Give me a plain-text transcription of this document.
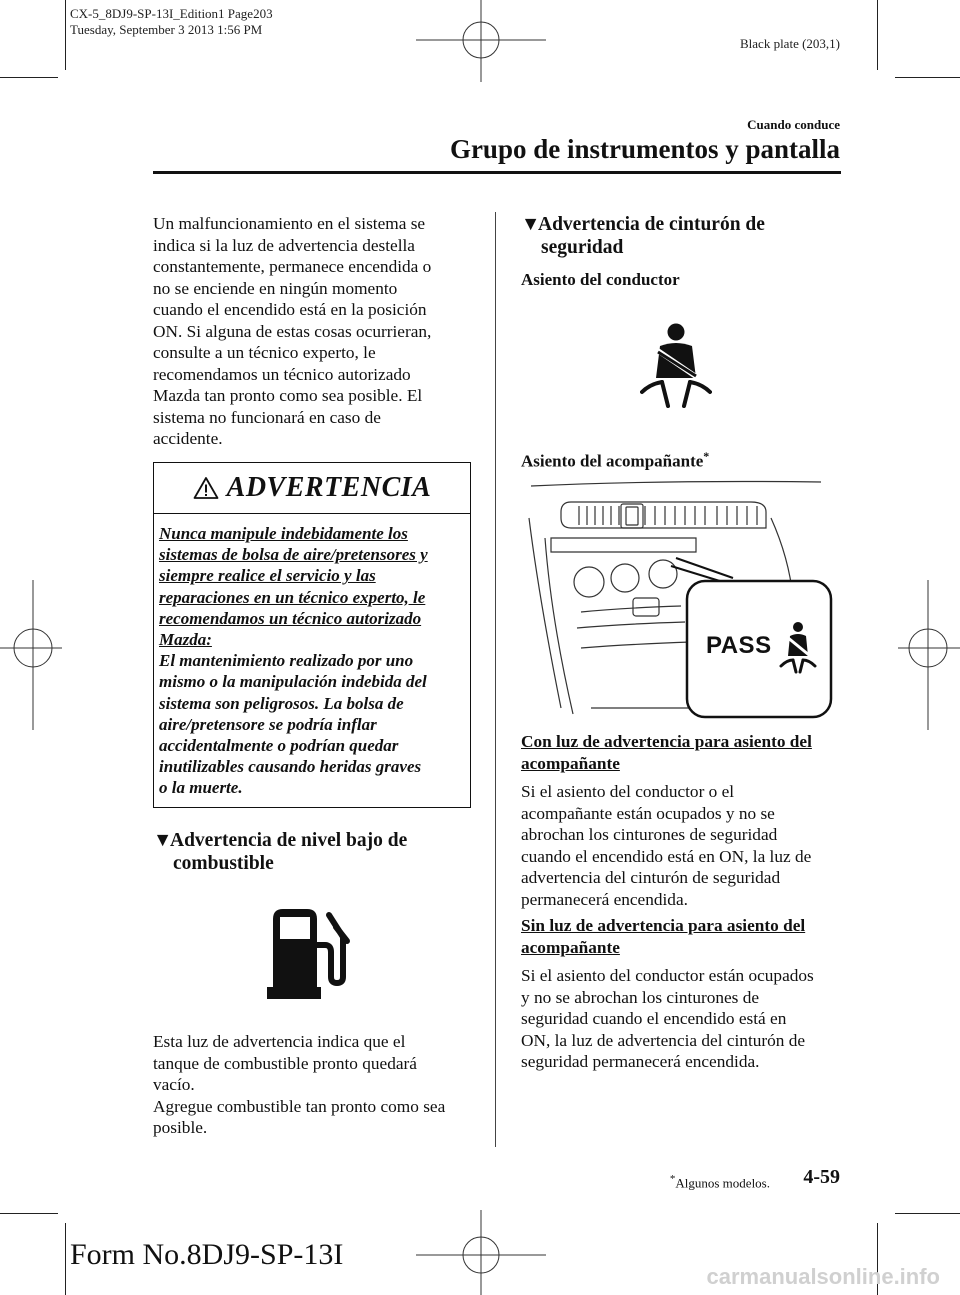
CX-5_8DJ9-SP-13I_Edition1 Page203
Tuesday, September 3 2013 1:56 PM
Black plate (203,1)
Cuando conduce
Grupo de instrumentos y pantalla

Un malfuncionamiento en el sistema se

indica si la luz de advertencia destella

constantemente, permanece encendida o

no se enciende en ningún momento

cuando el encendido está en la posición

ON. Si alguna de estas cosas ocurrieran,

consulte a un técnico experto, le

recomendamos un técnico autorizado

Mazda tan pronto como sea posible. El

sistema no funcionará en caso de

accidente.

ADVERTENCIA

Nunca manipule indebidamente los

sistemas de bolsa de aire/pretensores y

siempre realice el servicio y las

reparaciones en un técnico experto, le

recomendamos un técnico autorizado

Mazda:

El mantenimiento realizado por uno

mismo o la manipulación indebida del

sistema son peligrosos. La bolsa de

aire/pretensore se podría inflar

accidentalmente o podrían quedar

inutilizables causando heridas graves

o la muerte.

▼Advertencia de nivel bajo de
combustible

Esta luz de advertencia indica que el

tanque de combustible pronto quedará

vacío.

Agregue combustible tan pronto como sea

posible.

▼Advertencia de cinturón de
seguridad
Asiento del conductor
Asiento del acompañante*
PASS
Con luz de advertencia para asiento del
acompañante

Si el asiento del conductor o el

acompañante están ocupados y no se

abrochan los cinturones de seguridad

cuando el encendido está en ON, la luz de

advertencia del cinturón de seguridad

permanecerá encendida.

Sin luz de advertencia para asiento del
acompañante

Si el asiento del conductor están ocupados

y no se abrochan los cinturones de

seguridad cuando el encendido está en

ON, la luz de advertencia del cinturón de

seguridad permanecerá encendida.

*Algunos modelos. 4-59
Form No.8DJ9-SP-13I
carmanualsonline.info
